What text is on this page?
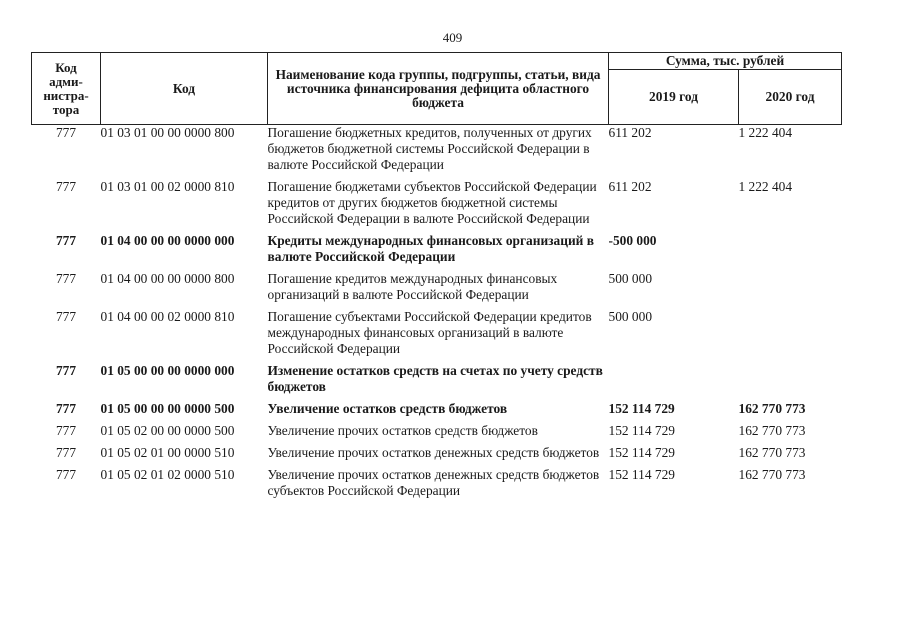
409
Код
адми-
нистра-
тора	Код	Наименование кода группы, подгруппы, статьи, вида источника финансирования дефицита областного бюджета	Сумма, тыс. рублей	
			2019 год	2020 год
777	01 03 01 00 00 0000 800	Погашение бюджетных кредитов, полученных от других бюджетов бюджетной системы Российской Федерации в валюте Российской Федерации	611 202	1 222 404
777	01 03 01 00 02 0000 810	Погашение бюджетами субъектов Российской Федерации кредитов от других бюджетов бюджетной системы Российской Федерации в валюте Российской Федерации	611 202	1 222 404
777	01 04 00 00 00 0000 000	Кредиты международных финансовых организаций в валюте Российской Федерации	-500 000	
777	01 04 00 00 00 0000 800	Погашение кредитов международных финансовых организаций в валюте Российской Федерации	500 000	
777	01 04 00 00 02 0000 810	Погашение субъектами Российской Федерации кредитов международных финансовых организаций в валюте Российской Федерации	500 000	
777	01 05 00 00 00 0000 000	Изменение остатков средств на счетах по учету средств бюджетов		
777	01 05 00 00 00 0000 500	Увеличение остатков средств бюджетов	152 114 729	162 770 773
777	01 05 02 00 00 0000 500	Увеличение прочих остатков средств бюджетов	152 114 729	162 770 773
777	01 05 02 01 00 0000 510	Увеличение прочих остатков денежных средств бюджетов	152 114 729	162 770 773
777	01 05 02 01 02 0000 510	Увеличение прочих остатков денежных средств бюджетов субъектов Российской Федерации	152 114 729	162 770 773
